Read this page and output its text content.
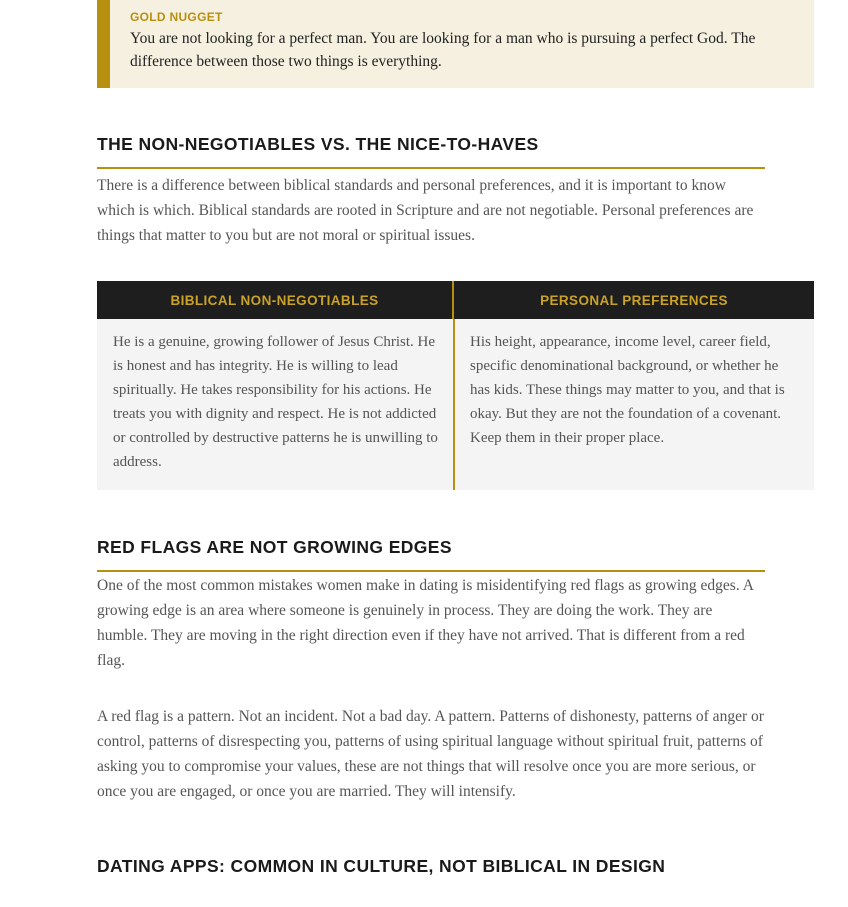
GOLD NUGGET
You are not looking for a perfect man. You are looking for a man who is pursuing a perfect God. The difference between those two things is everything.
THE NON-NEGOTIABLES VS. THE NICE-TO-HAVES

There is a difference between biblical standards and personal preferences, and it is important to know which is which. Biblical standards are rooted in Scripture and are not negotiable. Personal preferences are things that matter to you but are not moral or spiritual issues.

BIBLICAL NON-NEGOTIABLES	PERSONAL PREFERENCES
He is a genuine, growing follower of Jesus Christ. He is honest and has integrity. He is willing to lead spiritually. He takes responsibility for his actions. He treats you with dignity and respect. He is not addicted or controlled by destructive patterns he is unwilling to address.
His height, appearance, income level, career field, specific denominational background, or whether he has kids. These things may matter to you, and that is okay. But they are not the foundation of a covenant. Keep them in their proper place.
RED FLAGS ARE NOT GROWING EDGES

One of the most common mistakes women make in dating is misidentifying red flags as growing edges. A growing edge is an area where someone is genuinely in process. They are doing the work. They are humble. They are moving in the right direction even if they have not arrived. That is different from a red flag.

A red flag is a pattern. Not an incident. Not a bad day. A pattern. Patterns of dishonesty, patterns of anger or control, patterns of disrespecting you, patterns of using spiritual language without spiritual fruit, patterns of asking you to compromise your values, these are not things that will resolve once you are more serious, or once you are engaged, or once you are married. They will intensify.

DATING APPS: COMMON IN CULTURE, NOT BIBLICAL IN DESIGN
